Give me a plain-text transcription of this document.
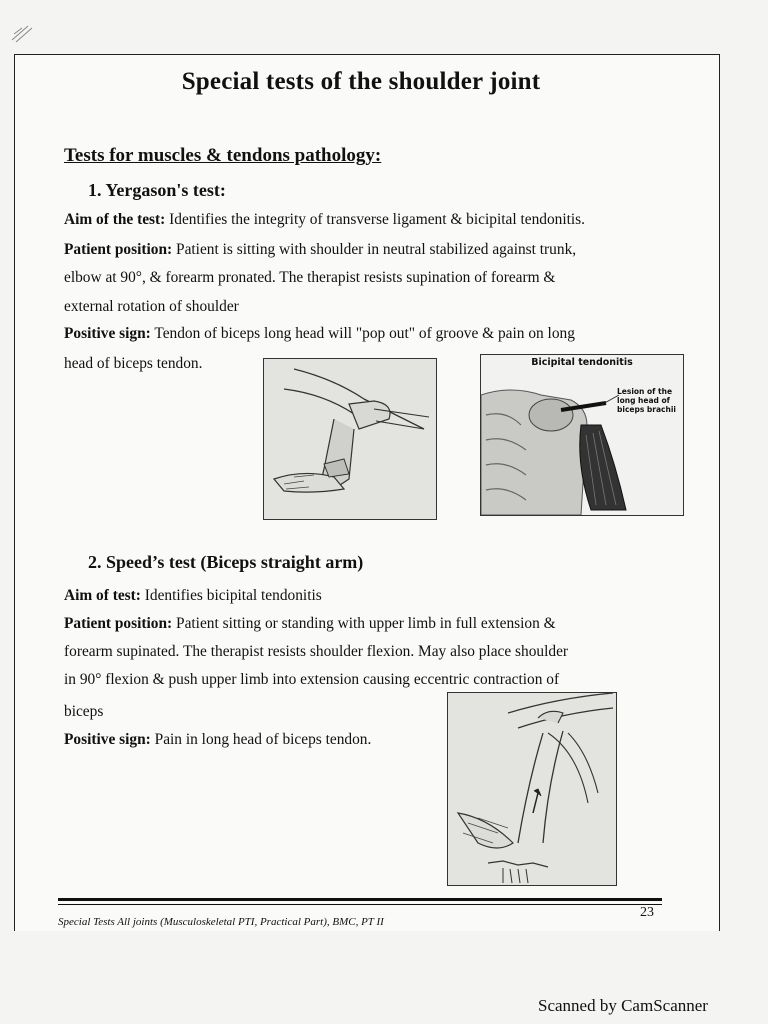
Special tests of the shoulder joint
Tests for muscles & tendons pathology:
1. Yergason's test:
Aim of the test: Identifies the integrity of transverse ligament & bicipital tendonitis.
Patient position: Patient is sitting with shoulder in neutral stabilized against trunk,
elbow at 90°, & forearm pronated. The therapist resists supination of forearm &
external rotation of shoulder
Positive sign: Tendon of biceps long head will "pop out" of groove & pain on long
head of biceps tendon.	Bicipital tendonitis
Lesion of the long head of biceps brachii
2. Speed’s test (Biceps straight arm)
Aim of test: Identifies bicipital tendonitis
Patient position: Patient sitting or standing with upper limb in full extension &
forearm supinated. The therapist resists shoulder flexion. May also place shoulder
in 90° flexion & push upper limb into extension causing eccentric contraction of
biceps
Positive sign: Pain in long head of biceps tendon.
Special Tests All joints (Musculoskeletal PTI, Practical Part), BMC, PT II
23
Scanned by CamScanner
